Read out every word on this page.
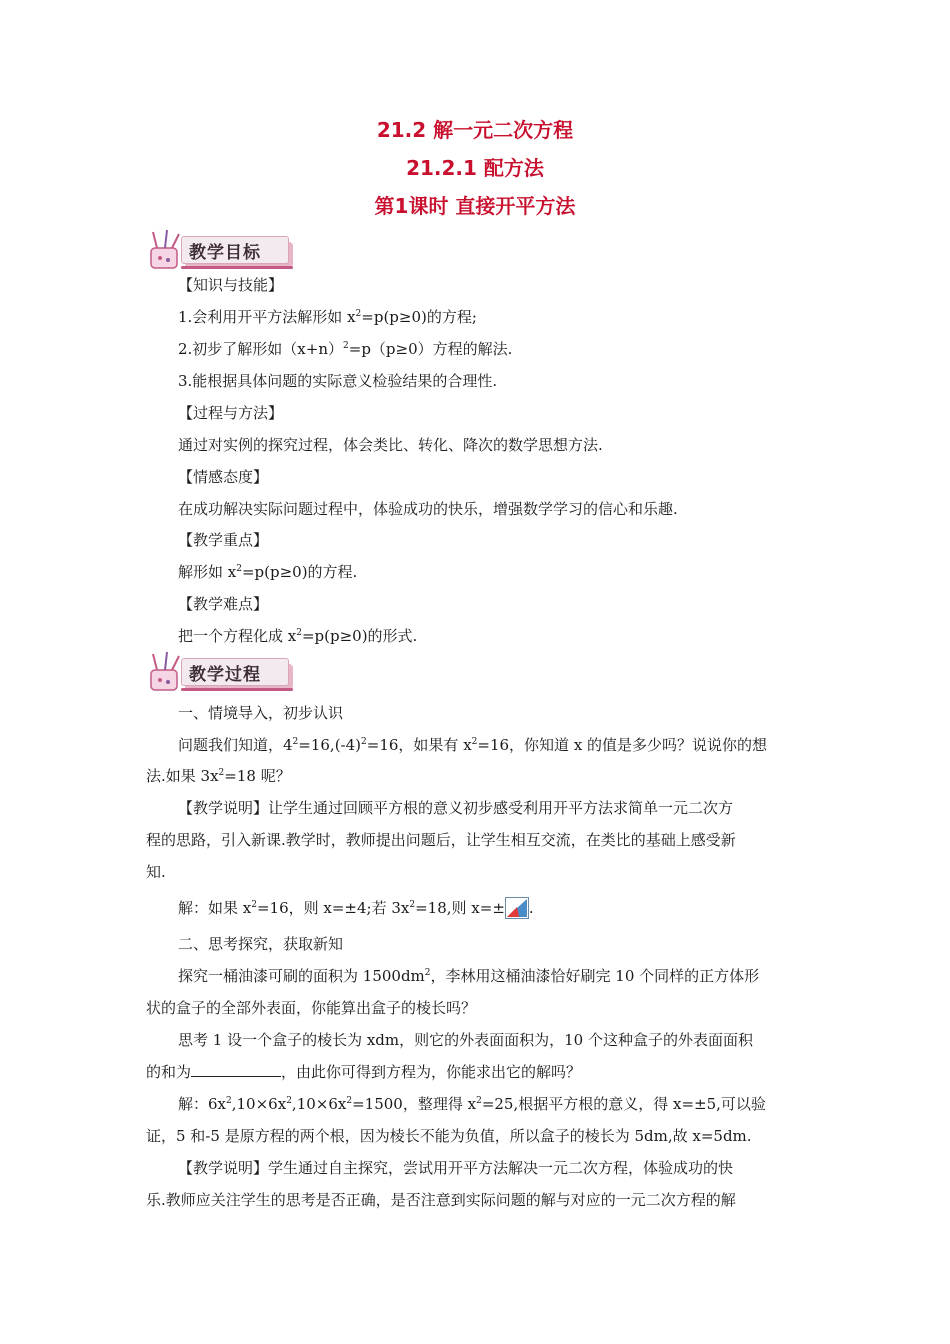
21.2 解一元二次方程
21.2.1 配方法
第1课时 直接开平方法
教学目标
【知识与技能】
1.会利用开平方法解形如 $x^2=p(p\ge 0)$的方程;
2.初步了解形如$(x+n)^2=p(p\ge 0)$方程的解法.
3.能根据具体问题的实际意义检验结果的合理性.
【过程与方法】
通过对实例的探究过程，体会类比、转化、降次的数学思想方法.
【情感态度】
在成功解决实际问题过程中，体验成功的快乐，增强数学学习的信心和乐趣.
【教学重点】
解形如 $x^2=p(p\ge 0)$的方程.
【教学难点】
把一个方程化成 $x^2=p(p\ge 0)$的形式.
教学过程
一、情境导入，初步认识
问题我们知道，$4^2=16,(-4)^2=16$，如果有 $x^2=16$，你知道 x 的值是多少吗？说说你的想
法.如果 $3x^2=18$ 呢？
【教学说明】让学生通过回顾平方根的意义初步感受利用开平方法求简单一元二次方
程的思路，引入新课.教学时，教师提出问题后，让学生相互交流，在类比的基础上感受新
知.
解：如果 $x^2=16$，则 x=±4;若 $3x^2=18$,则 x=± .
二、思考探究，获取新知
探究一桶油漆可刷的面积为 $1500dm^2$，李林用这桶油漆恰好刷完 10 个同样的正方体形
状的盒子的全部外表面，你能算出盒子的棱长吗？
思考 1 设一个盒子的棱长为 xdm，则它的外表面面积为，10 个这种盒子的外表面面积
的和为	，由此你可得到方程为，你能求出它的解吗？
解：$6x^2,10\times 6x^2,10\times 6x^2=1500$，整理得 $x^2=25$,根据平方根的意义，得 x=±5,可以验
证，5 和-5 是原方程的两个根，因为棱长不能为负值，所以盒子的棱长为 5dm,故 x=5dm.
【教学说明】学生通过自主探究，尝试用开平方法解决一元二次方程，体验成功的快
乐.教师应关注学生的思考是否正确，是否注意到实际问题的解与对应的一元二次方程的解
